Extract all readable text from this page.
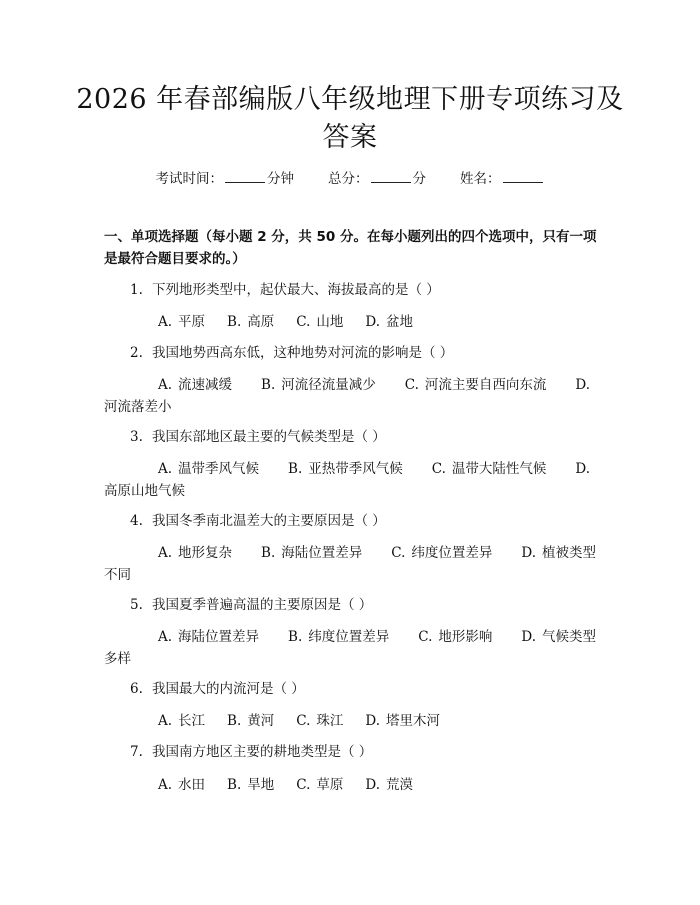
2026 年春部编版八年级地理下册专项练习及
答案
考试时间：	分钟	总分：	分	姓名：
一、单项选择题（每小题 2 分，共 50 分。在每小题列出的四个选项中，只有一项
是最符合题目要求的。）
1. 下列地形类型中，起伏最大、海拔最高的是（ ）
A. 平原 B. 高原 C. 山地 D. 盆地
2. 我国地势西高东低，这种地势对河流的影响是（ ）
A. 流速减缓 B. 河流径流量减少 C. 河流主要自西向东流 D.
河流落差小
3. 我国东部地区最主要的气候类型是（ ）
A. 温带季风气候 B. 亚热带季风气候 C. 温带大陆性气候 D.
高原山地气候
4. 我国冬季南北温差大的主要原因是（ ）
A. 地形复杂 B. 海陆位置差异 C. 纬度位置差异 D. 植被类型
不同
5. 我国夏季普遍高温的主要原因是（ ）
A. 海陆位置差异 B. 纬度位置差异 C. 地形影响 D. 气候类型
多样
6. 我国最大的内流河是（ ）
A. 长江 B. 黄河 C. 珠江 D. 塔里木河
7. 我国南方地区主要的耕地类型是（ ）
A. 水田 B. 旱地 C. 草原 D. 荒漠
